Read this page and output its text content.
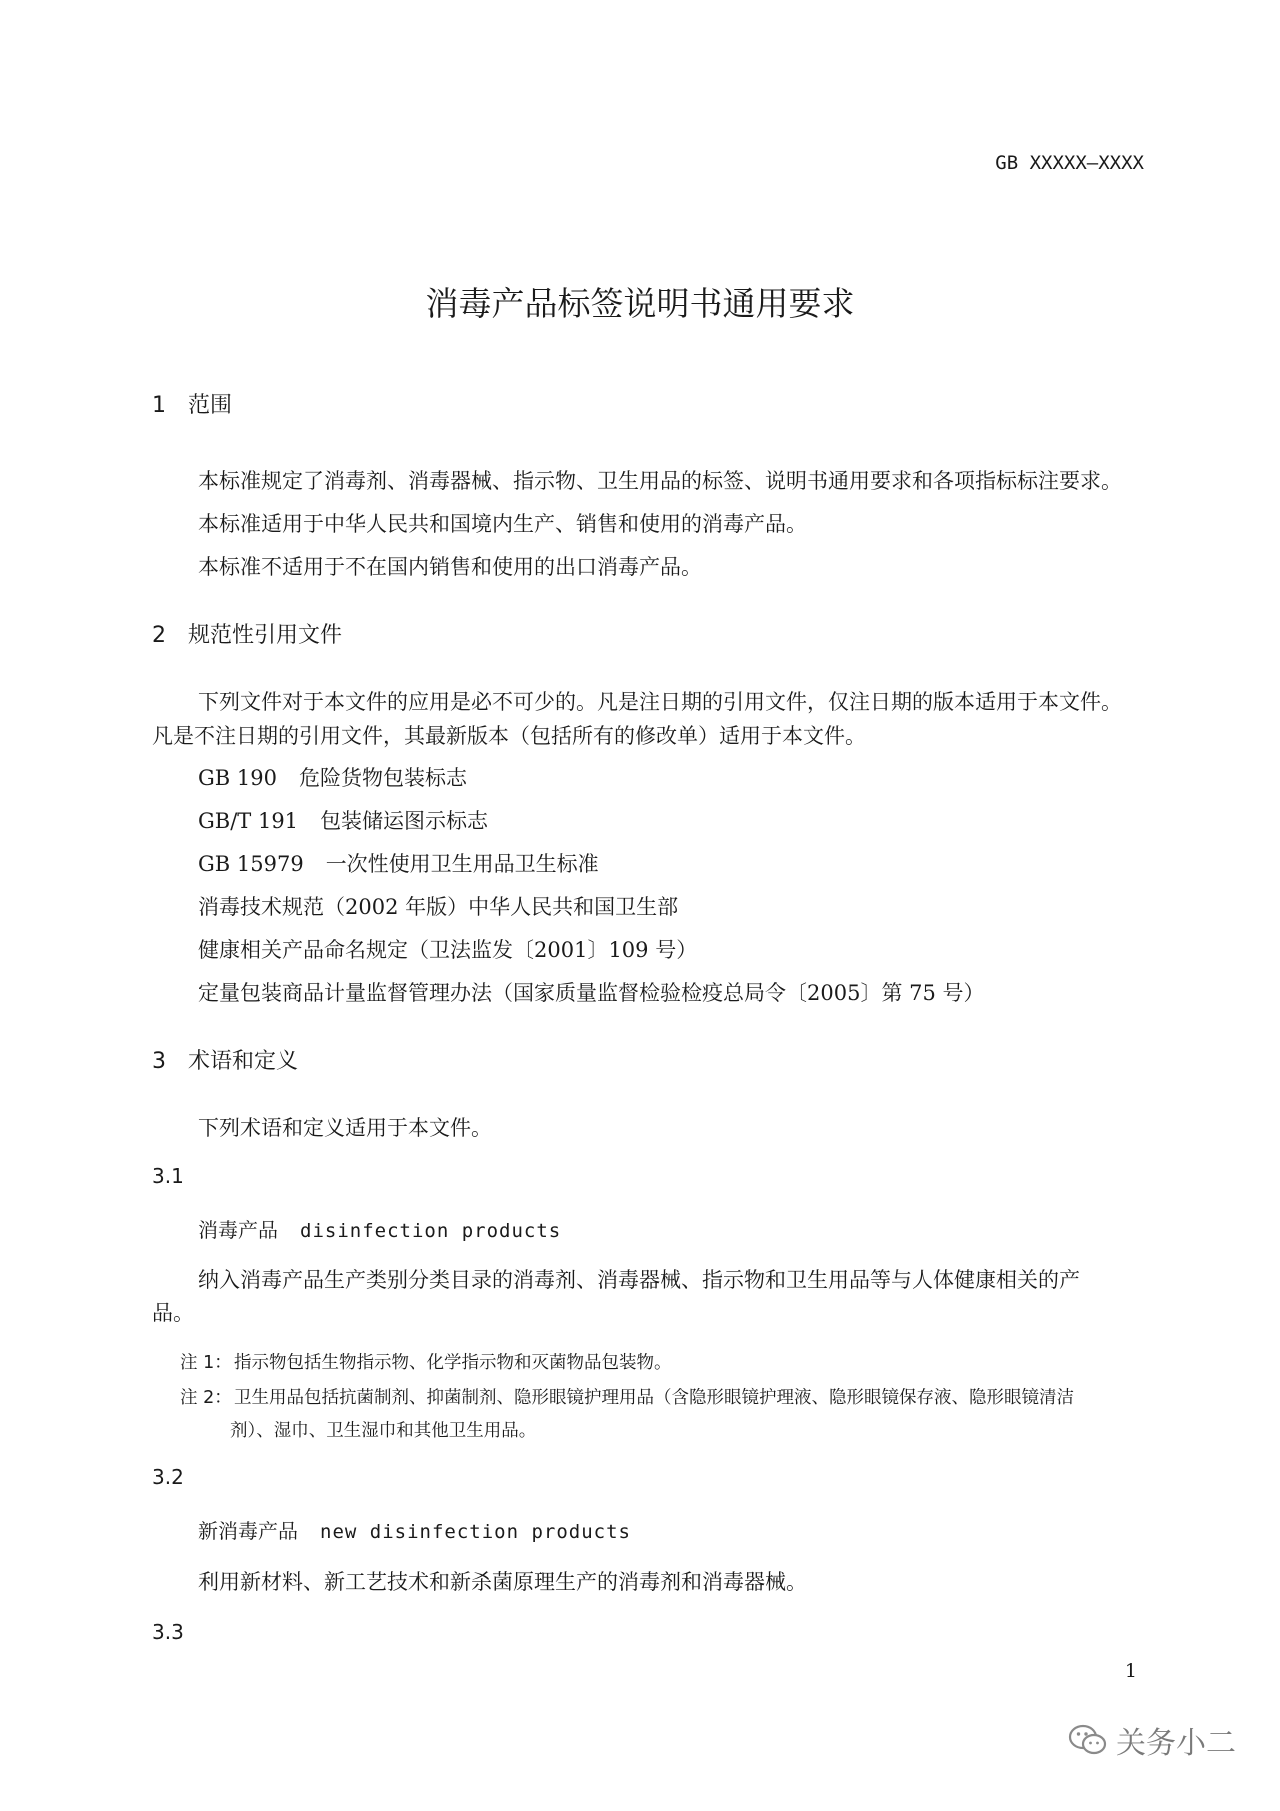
GB XXXXX—XXXX
消毒产品标签说明书通用要求
1 范围
本标准规定了消毒剂、消毒器械、指示物、卫生用品的标签、说明书通用要求和各项指标标注要求。
本标准适用于中华人民共和国境内生产、销售和使用的消毒产品。
本标准不适用于不在国内销售和使用的出口消毒产品。
2 规范性引用文件
下列文件对于本文件的应用是必不可少的。凡是注日期的引用文件，仅注日期的版本适用于本文件。
凡是不注日期的引用文件，其最新版本（包括所有的修改单）适用于本文件。
GB 190 危险货物包装标志
GB/T 191 包装储运图示标志
GB 15979 一次性使用卫生用品卫生标准
消毒技术规范（2002 年版）中华人民共和国卫生部
健康相关产品命名规定（卫法监发〔2001〕109 号）
定量包装商品计量监督管理办法（国家质量监督检验检疫总局令〔2005〕第 75 号）
3 术语和定义
下列术语和定义适用于本文件。
3.1
消毒产品 disinfection products
纳入消毒产品生产类别分类目录的消毒剂、消毒器械、指示物和卫生用品等与人体健康相关的产
品。
注 1： 指示物包括生物指示物、化学指示物和灭菌物品包装物。
注 2： 卫生用品包括抗菌制剂、抑菌制剂、隐形眼镜护理用品（含隐形眼镜护理液、隐形眼镜保存液、隐形眼镜清洁
剂）、湿巾、卫生湿巾和其他卫生用品。
3.2
新消毒产品 new disinfection products
利用新材料、新工艺技术和新杀菌原理生产的消毒剂和消毒器械。
3.3
1
关务小二
